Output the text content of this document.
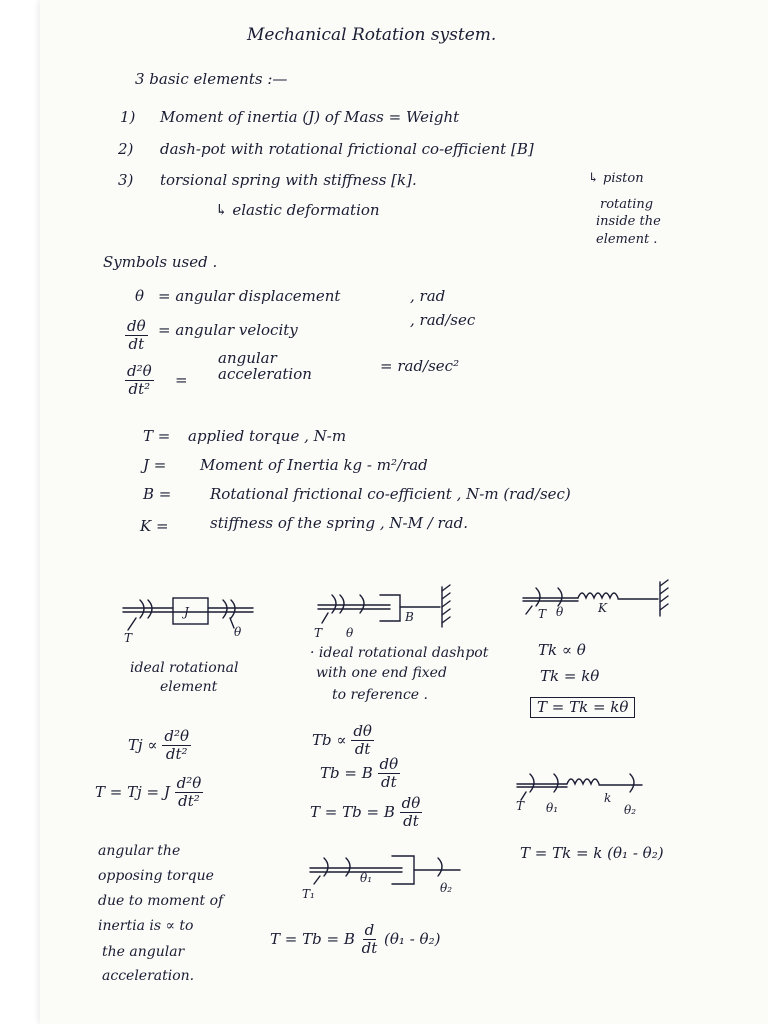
Mechanical Rotation system.
3 basic elements :—
1) Moment of inertia (J) of Mass = Weight
2) dash-pot with rotational frictional co-efficient [B]
3) torsional spring with stiffness [k].
↳ elastic deformation
↳ piston
rotating
inside the
element .
Symbols used .
θ = angular displacement	, rad
$\frac{d\theta}{dt}$ = angular velocity
, rad/sec
$\frac{\text{d²θ}}{\text{dt²}}$ =
angular
acceleration	= rad/sec²
T = applied torque , N-m
J = Moment of Inertia kg - m²/rad
B =	Rotational frictional co-efficient , N-m (rad/sec)
K =	stiffness of the spring , N-M / rad.
J
T	θ
B
T θ
K
T θ
ideal rotational
element
· ideal rotational dashpot
with one end fixed
to reference .
Tk ∝ θ
Tk = kθ
T = Tk = kθ
$Tj \propto \frac{\text{d²θ}}{\text{dt²}}$
T = Tj = J $\frac{\text{d²θ}}{\text{dt²}}$
$Tb \propto \frac{d\theta}{dt}$
Tb = B $\frac{d\theta}{dt}$
T = Tb = B $\frac{d\theta}{dt}$	T θ₁
k
θ₂
T = Tk = k (θ₁ - θ₂)
θ₁
θ₂
T₁
T = Tb = B $\frac{d}{dt} (\theta_1 - \theta_2)$
angular the
opposing torque
due to moment of
inertia is ∝ to
the angular
acceleration.
